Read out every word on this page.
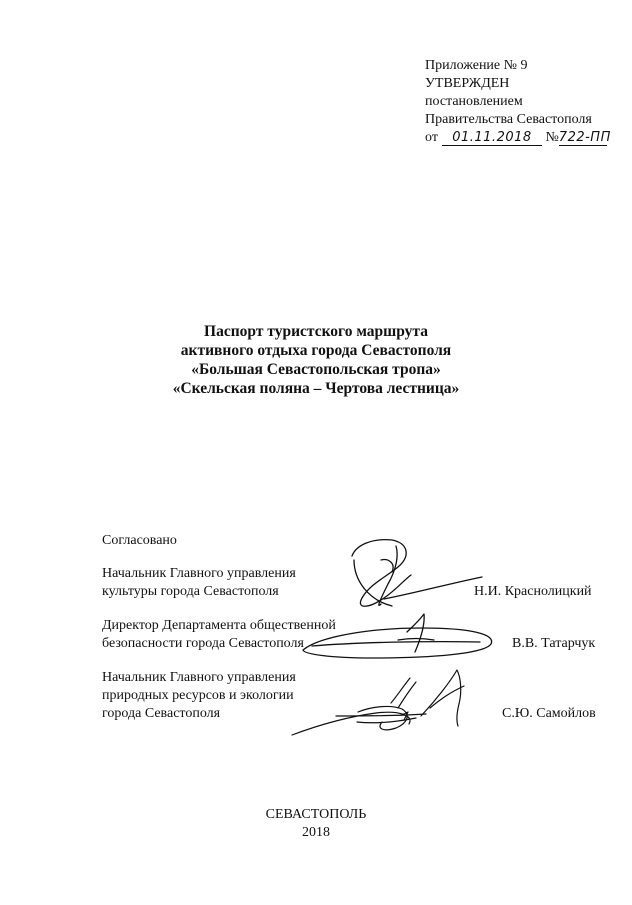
Приложение № 9
УТВЕРЖДЕН
постановлением
Правительства Севастополя
от 01.11.2018 №722-ПП
Паспорт туристского маршрута
активного отдыха города Севастополя
«Большая Севастопольская тропа»
«Скельская поляна – Чертова лестница»
Согласовано
Начальник Главного управления
культуры города Севастополя	Н.И. Краснолицкий
Директор Департамента общественной
безопасности города Севастополя	В.В. Татарчук
Начальник Главного управления
природных ресурсов и экологии
города Севастополя	С.Ю. Самойлов
СЕВАСТОПОЛЬ
2018
